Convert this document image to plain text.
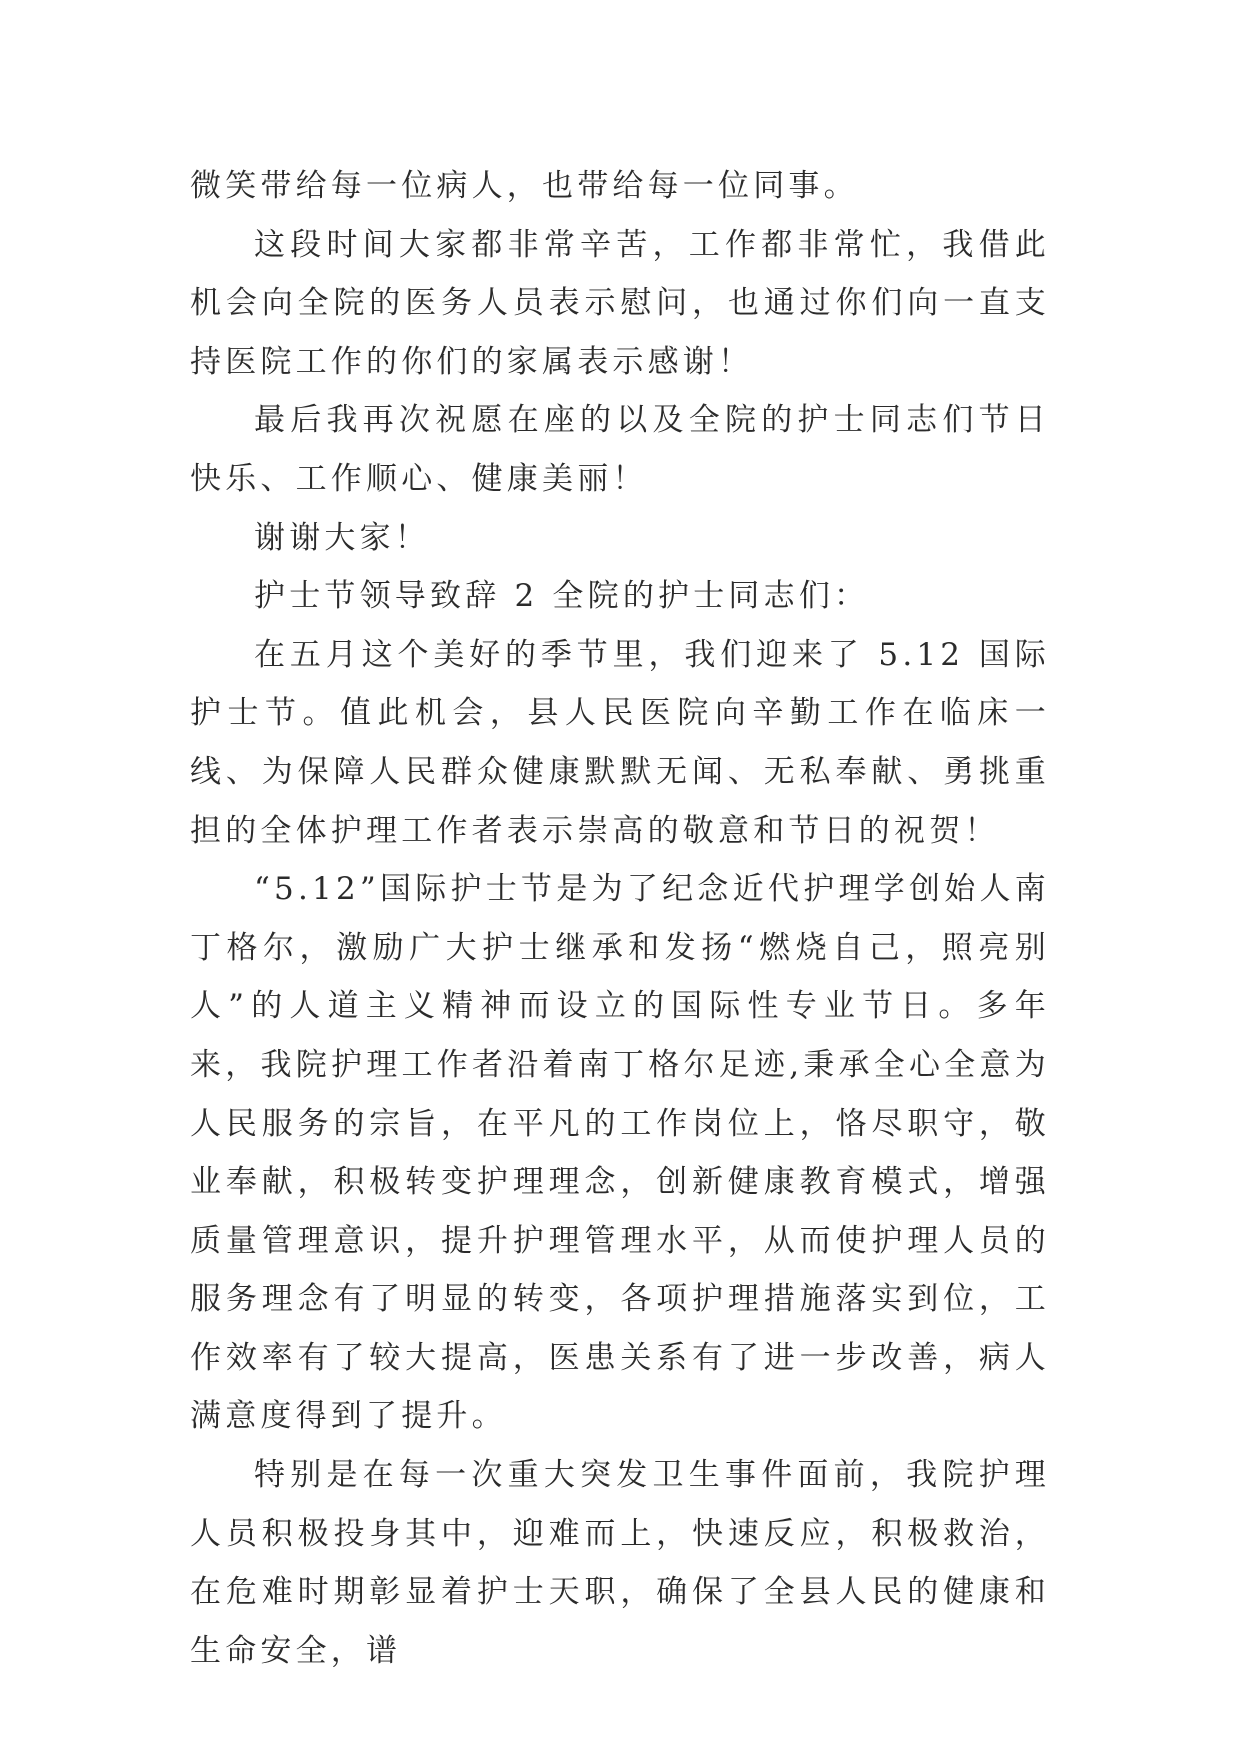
微笑带给每一位病人，也带给每一位同事。

这段时间大家都非常辛苦，工作都非常忙，我借此机会向全院的医务人员表示慰问，也通过你们向一直支持医院工作的你们的家属表示感谢！

最后我再次祝愿在座的以及全院的护士同志们节日快乐、工作顺心、健康美丽！

谢谢大家！

护士节领导致辞 2 全院的护士同志们：

在五月这个美好的季节里，我们迎来了 5.12 国际护士节。值此机会，县人民医院向辛勤工作在临床一线、为保障人民群众健康默默无闻、无私奉献、勇挑重担的全体护理工作者表示崇高的敬意和节日的祝贺！

“5.12”国际护士节是为了纪念近代护理学创始人南丁格尔，激励广大护士继承和发扬“燃烧自己，照亮别人”的人道主义精神而设立的国际性专业节日。多年来，我院护理工作者沿着南丁格尔足迹,秉承全心全意为人民服务的宗旨，在平凡的工作岗位上，恪尽职守，敬业奉献，积极转变护理理念，创新健康教育模式，增强质量管理意识，提升护理管理水平，从而使护理人员的服务理念有了明显的转变，各项护理措施落实到位，工作效率有了较大提高，医患关系有了进一步改善，病人满意度得到了提升。

特别是在每一次重大突发卫生事件面前，我院护理人员积极投身其中，迎难而上，快速反应，积极救治，在危难时期彰显着护士天职，确保了全县人民的健康和生命安全，谱
